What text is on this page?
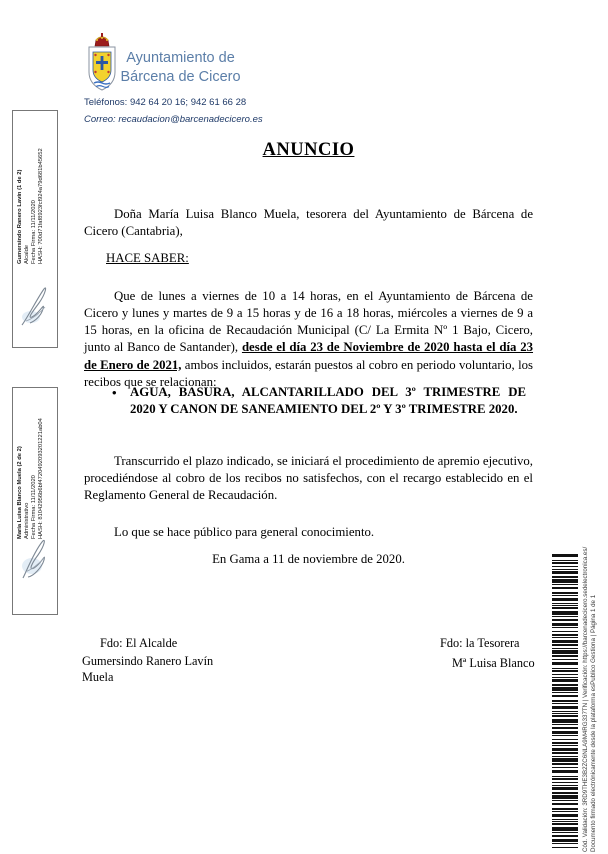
Ayuntamiento de
Bárcena de Cicero
Teléfonos: 942 64 20 16; 942 61 66 28
Correo: recaudacion@barcenadecicero.es
ANUNCIO

Doña María Luisa Blanco Muela, tesorera del Ayuntamiento de Bárcena de Cicero (Cantabria),

HACE SABER:

Que de lunes a viernes de 10 a 14 horas, en el Ayuntamiento de Bárcena de Cicero y lunes y martes de 9 a 15 horas y de 16 a 18 horas, miércoles a viernes de 9 a 15 horas, en la oficina de Recaudación Municipal (C/ La Ermita Nº 1 Bajo, Cicero, junto al Banco de Santander), desde el día 23 de Noviembre de 2020 hasta el día 23 de Enero de 2021, ambos incluidos, estarán puestos al cobro en periodo voluntario, los recibos que se relacionan:

•	AGUA, BASURA, ALCANTARILLADO DEL 3º TRIMESTRE DE 2020 Y CANON DE SANEAMIENTO DEL 2º Y 3º TRIMESTRE 2020.

Transcurrido el plazo indicado, se iniciará el procedimiento de apremio ejecutivo, procediéndose al cobro de los recibos no satisfechos, con el recargo establecido en el Reglamento General de Recaudación.

Lo que se hace público para general conocimiento.

En Gama a 11 de noviembre de 2020.
Fdo: El Alcalde	Fdo: la Tesorera
Gumersindo Ranero Lavín
Muela
Mª Luisa Blanco
Gumersindo Ranero Lavín (1 de 2) Alcalde Fecha Firma: 11/11/2020 HASH: 700d71faf8923fcf924a79d681b45652
María Luisa Blanco Muela (2 de 2) Administrativo Fecha Firma: 11/11/2020 HASH: 81042956b6bf4720492093201221ab04
Cód. Validación: 3RD9THE3B2ZC6NLA9M4RG337TN | Verificación: https://barcenadecicero.sedelectronica.es/ Documento firmado electrónicamente desde la plataforma esPublico Gestiona | Página 1 de 1
